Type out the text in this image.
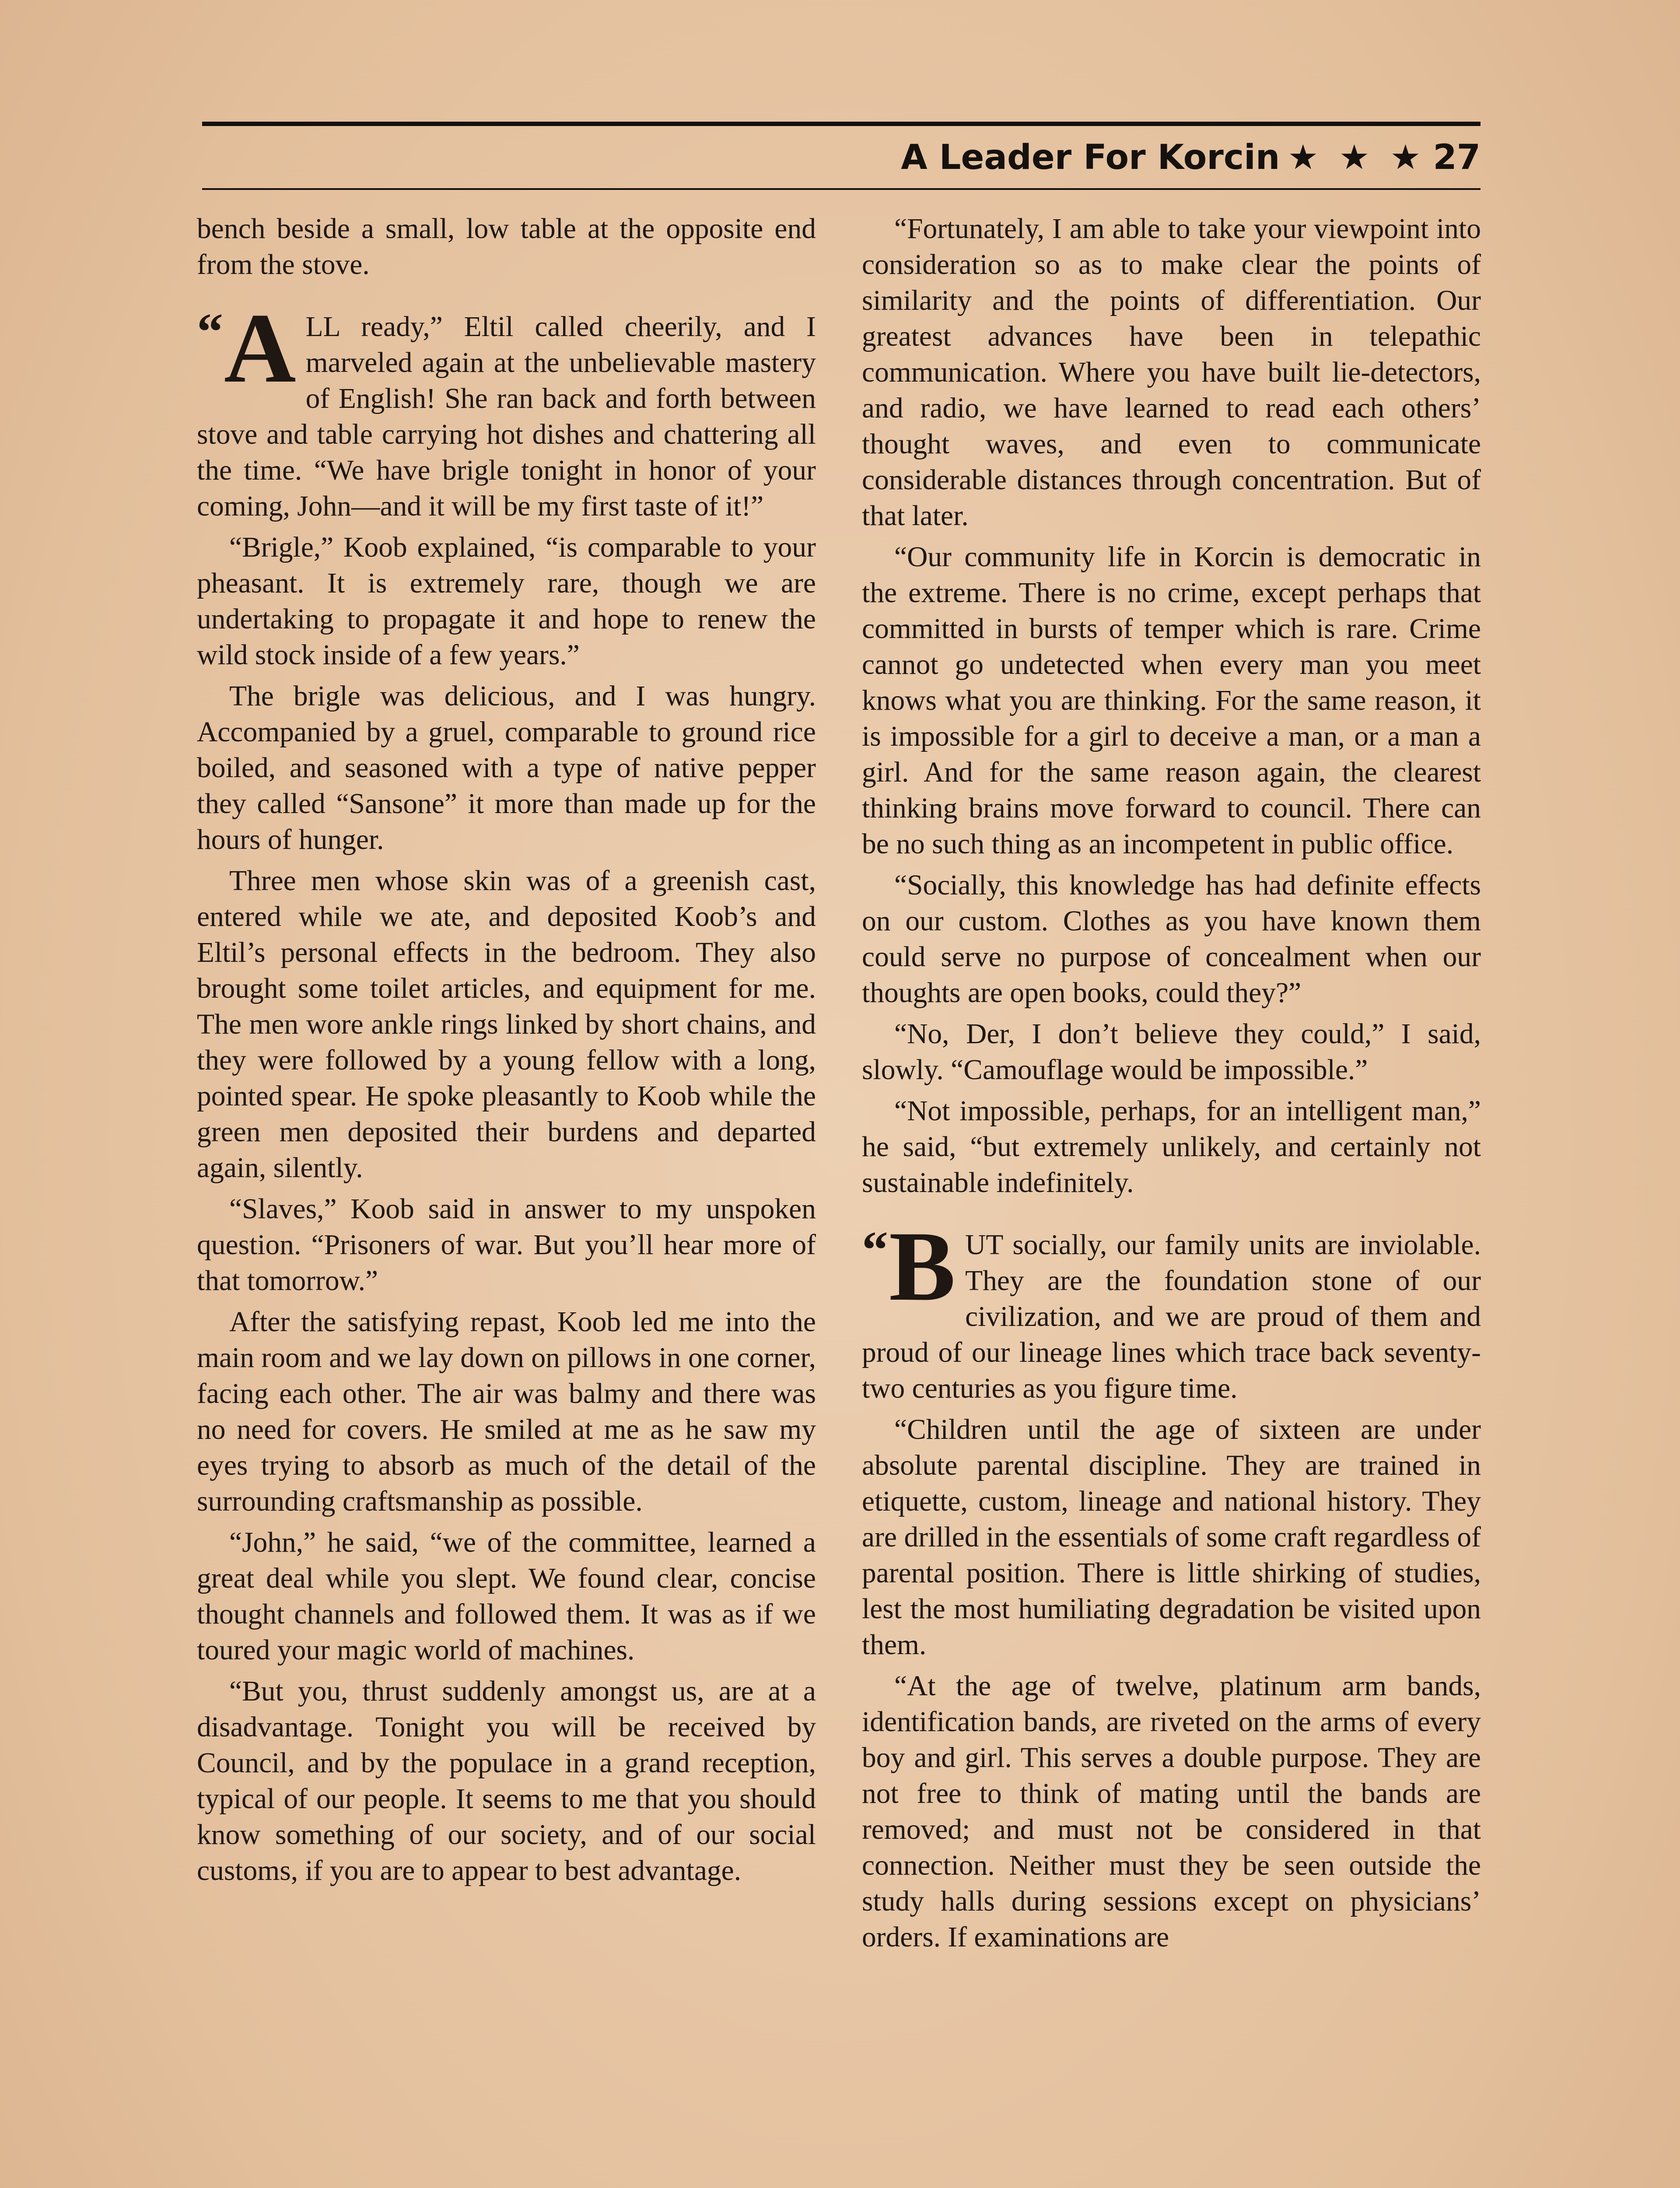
A Leader For Korcin ★ ★ ★ 27

bench beside a small, low table at the opposite end from the stove.

“ A LL ready,” Eltil called cheerily, and I marveled again at the unbelievable mastery of English! She ran back and forth between stove and table carrying hot dishes and chattering all the time. “We have brigle tonight in honor of your coming, John—and it will be my first taste of it!”

“Brigle,” Koob explained, “is comparable to your pheasant. It is extremely rare, though we are undertaking to propagate it and hope to renew the wild stock inside of a few years.”

The brigle was delicious, and I was hungry. Accompanied by a gruel, comparable to ground rice boiled, and seasoned with a type of native pepper they called “Sansone” it more than made up for the hours of hunger.

Three men whose skin was of a greenish cast, entered while we ate, and deposited Koob’s and Eltil’s personal effects in the bedroom. They also brought some toilet articles, and equipment for me. The men wore ankle rings linked by short chains, and they were followed by a young fellow with a long, pointed spear. He spoke pleasantly to Koob while the green men deposited their burdens and departed again, silently.

“Slaves,” Koob said in answer to my unspoken question. “Prisoners of war. But you’ll hear more of that tomorrow.”

After the satisfying repast, Koob led me into the main room and we lay down on pillows in one corner, facing each other. The air was balmy and there was no need for covers. He smiled at me as he saw my eyes trying to absorb as much of the detail of the surrounding craftsmanship as possible.

“John,” he said, “we of the committee, learned a great deal while you slept. We found clear, concise thought channels and followed them. It was as if we toured your magic world of machines.

“But you, thrust suddenly amongst us, are at a disadvantage. Tonight you will be received by Council, and by the populace in a grand reception, typical of our people. It seems to me that you should know something of our society, and of our social customs, if you are to appear to best advantage.

“Fortunately, I am able to take your viewpoint into consideration so as to make clear the points of similarity and the points of differentiation. Our greatest advances have been in telepathic communication. Where you have built lie-detectors, and radio, we have learned to read each others’ thought waves, and even to communicate considerable distances through concentration. But of that later.

“Our community life in Korcin is democratic in the extreme. There is no crime, except perhaps that committed in bursts of temper which is rare. Crime cannot go undetected when every man you meet knows what you are thinking. For the same reason, it is impossible for a girl to deceive a man, or a man a girl. And for the same reason again, the clearest thinking brains move forward to council. There can be no such thing as an incompetent in public office.

“Socially, this knowledge has had definite effects on our custom. Clothes as you have known them could serve no purpose of concealment when our thoughts are open books, could they?”

“No, Der, I don’t believe they could,” I said, slowly. “Camouflage would be impossible.”

“Not impossible, perhaps, for an intelligent man,” he said, “but extremely unlikely, and certainly not sustainable indefinitely.

“ B UT socially, our family units are inviolable. They are the foundation stone of our civilization, and we are proud of them and proud of our lineage lines which trace back seventy-two centuries as you figure time.

“Children until the age of sixteen are under absolute parental discipline. They are trained in etiquette, custom, lineage and national history. They are drilled in the essentials of some craft regardless of parental position. There is little shirking of studies, lest the most humiliating degradation be visited upon them.

“At the age of twelve, platinum arm bands, identification bands, are riveted on the arms of every boy and girl. This serves a double purpose. They are not free to think of mating until the bands are removed; and must not be considered in that connection. Neither must they be seen outside the study halls during sessions except on physicians’ orders. If examinations are
